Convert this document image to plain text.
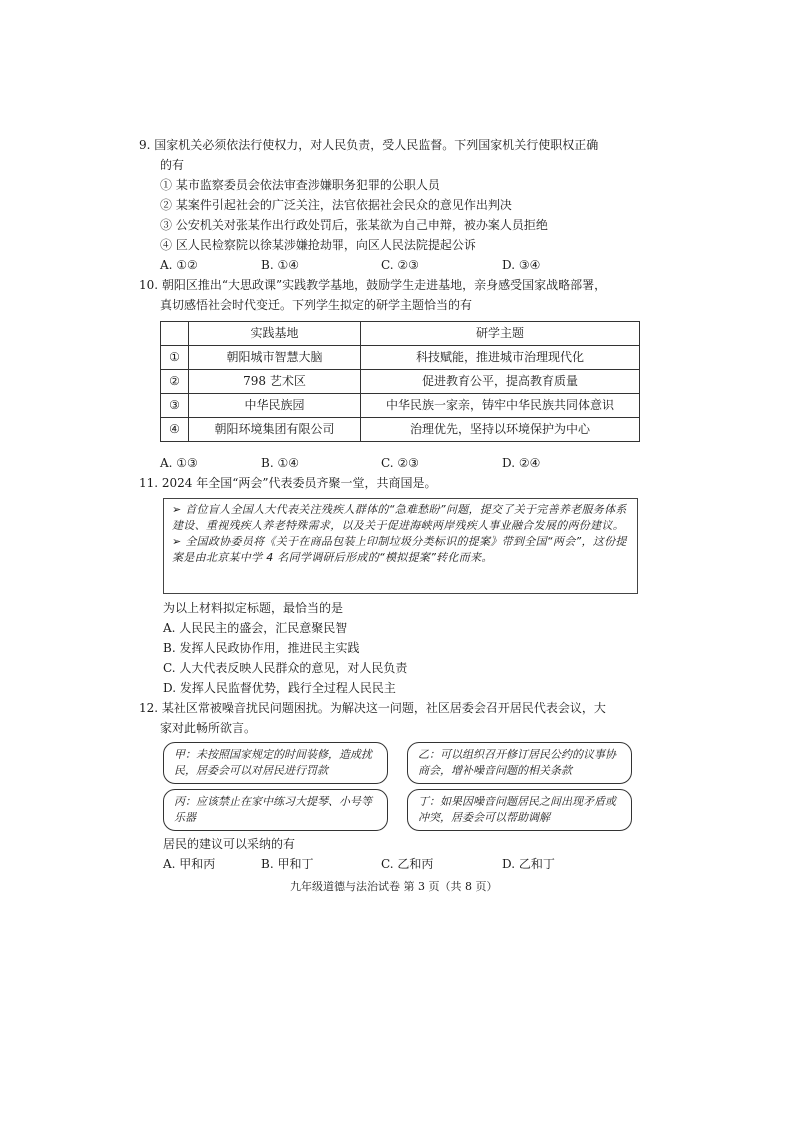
9. 国家机关必须依法行使权力，对人民负责，受人民监督。下列国家机关行使职权正确
的有
① 某市监察委员会依法审查涉嫌职务犯罪的公职人员
② 某案件引起社会的广泛关注，法官依据社会民众的意见作出判决
③ 公安机关对张某作出行政处罚后，张某欲为自己申辩，被办案人员拒绝
④ 区人民检察院以徐某涉嫌抢劫罪，向区人民法院提起公诉
A. ①②	B. ①④	C. ②③	D. ③④
10. 朝阳区推出“大思政课”实践教学基地，鼓励学生走进基地，亲身感受国家战略部署，
真切感悟社会时代变迁。下列学生拟定的研学主题恰当的有
	实践基地	研学主题
①	朝阳城市智慧大脑	科技赋能，推进城市治理现代化
②	798 艺术区	促进教育公平，提高教育质量
③	中华民族园	中华民族一家亲，铸牢中华民族共同体意识
④	朝阳环境集团有限公司	治理优先，坚持以环境保护为中心
A. ①③	B. ①④	C. ②③	D. ②④
11. 2024 年全国“两会”代表委员齐聚一堂，共商国是。

➢ 首位盲人全国人大代表关注残疾人群体的“急难愁盼”问题，提交了关于完善养老服务体系建设、重视残疾人养老特殊需求，以及关于促进海峡两岸残疾人事业融合发展的两份建议。

➢ 全国政协委员将《关于在商品包装上印制垃圾分类标识的提案》带到全国“两会”，这份提案是由北京某中学 4 名同学调研后形成的“模拟提案”转化而来。

为以上材料拟定标题，最恰当的是
A. 人民民主的盛会，汇民意聚民智
B. 发挥人民政协作用，推进民主实践
C. 人大代表反映人民群众的意见，对人民负责
D. 发挥人民监督优势，践行全过程人民民主
12. 某社区常被噪音扰民问题困扰。为解决这一问题，社区居委会召开居民代表会议，大
家对此畅所欲言。
甲：未按照国家规定的时间装修，造成扰民，居委会可以对居民进行罚款
乙：可以组织召开修订居民公约的议事协商会，增补噪音问题的相关条款
丙：应该禁止在家中练习大提琴、小号等乐器
丁：如果因噪音问题居民之间出现矛盾或冲突，居委会可以帮助调解
居民的建议可以采纳的有
A. 甲和丙	B. 甲和丁	C. 乙和丙	D. 乙和丁
九年级道德与法治试卷 第 3 页（共 8 页）
